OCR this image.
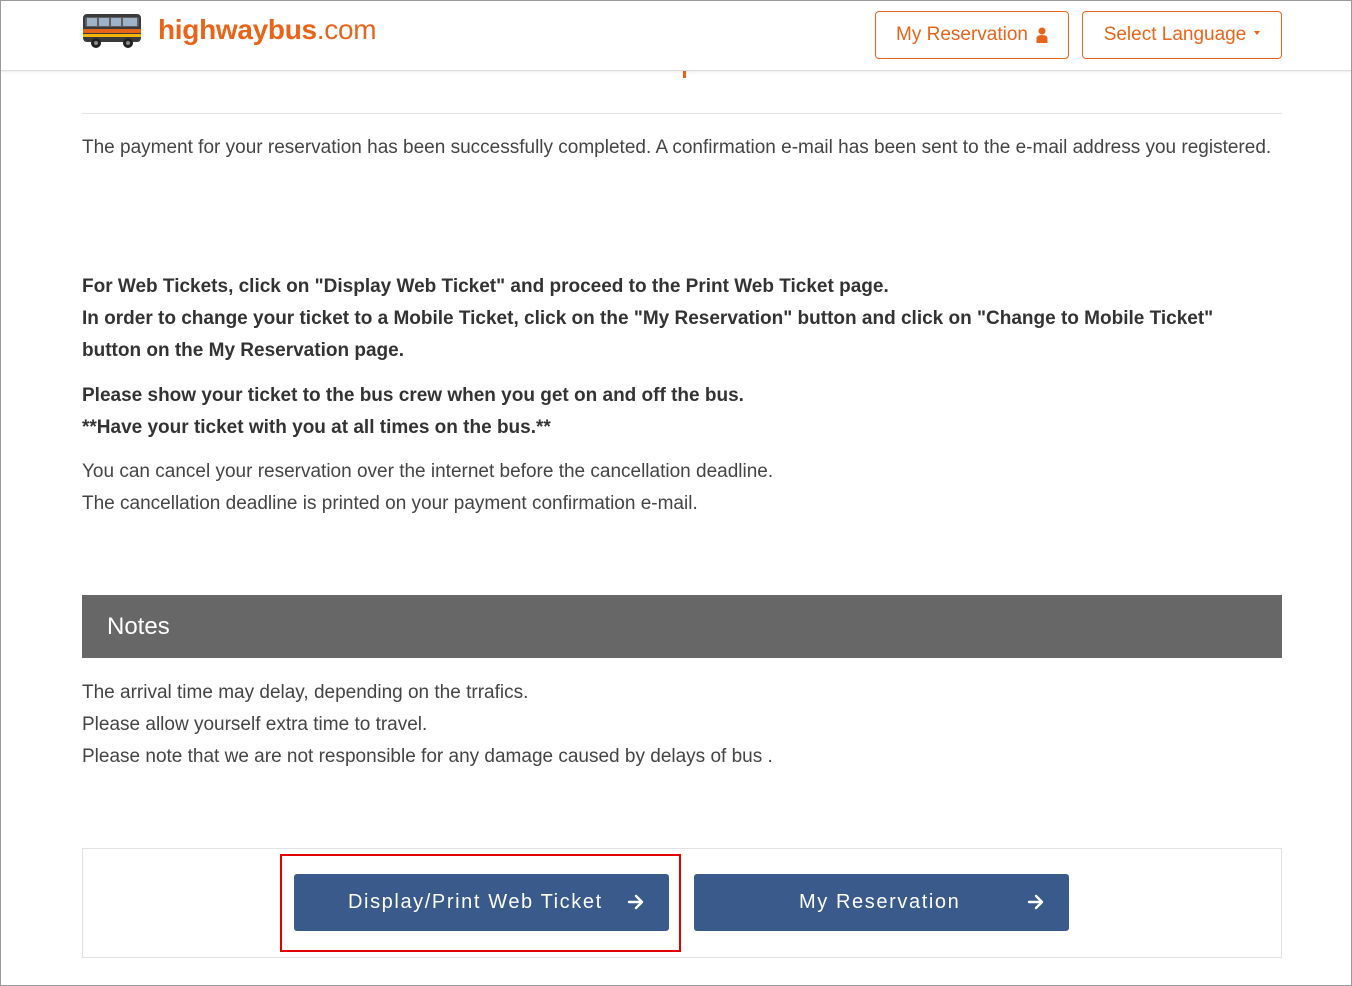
highwaybus.com	My Reservation	Select Language

The payment for your reservation has been successfully completed. A confirmation e-mail has been sent to the e-mail address you registered.

For Web Tickets, click on "Display Web Ticket" and proceed to the Print Web Ticket page.
In order to change your ticket to a Mobile Ticket, click on the "My Reservation" button and click on "Change to Mobile Ticket" button on the My Reservation page.
Please show your ticket to the bus crew when you get on and off the bus.
**Have your ticket with you at all times on the bus.**
You can cancel your reservation over the internet before the cancellation deadline.
The cancellation deadline is printed on your payment confirmation e-mail.
Notes
The arrival time may delay, depending on the trrafics.
Please allow yourself extra time to travel.
Please note that we are not responsible for any damage caused by delays of bus .
Display/Print Web Ticket	My Reservation
